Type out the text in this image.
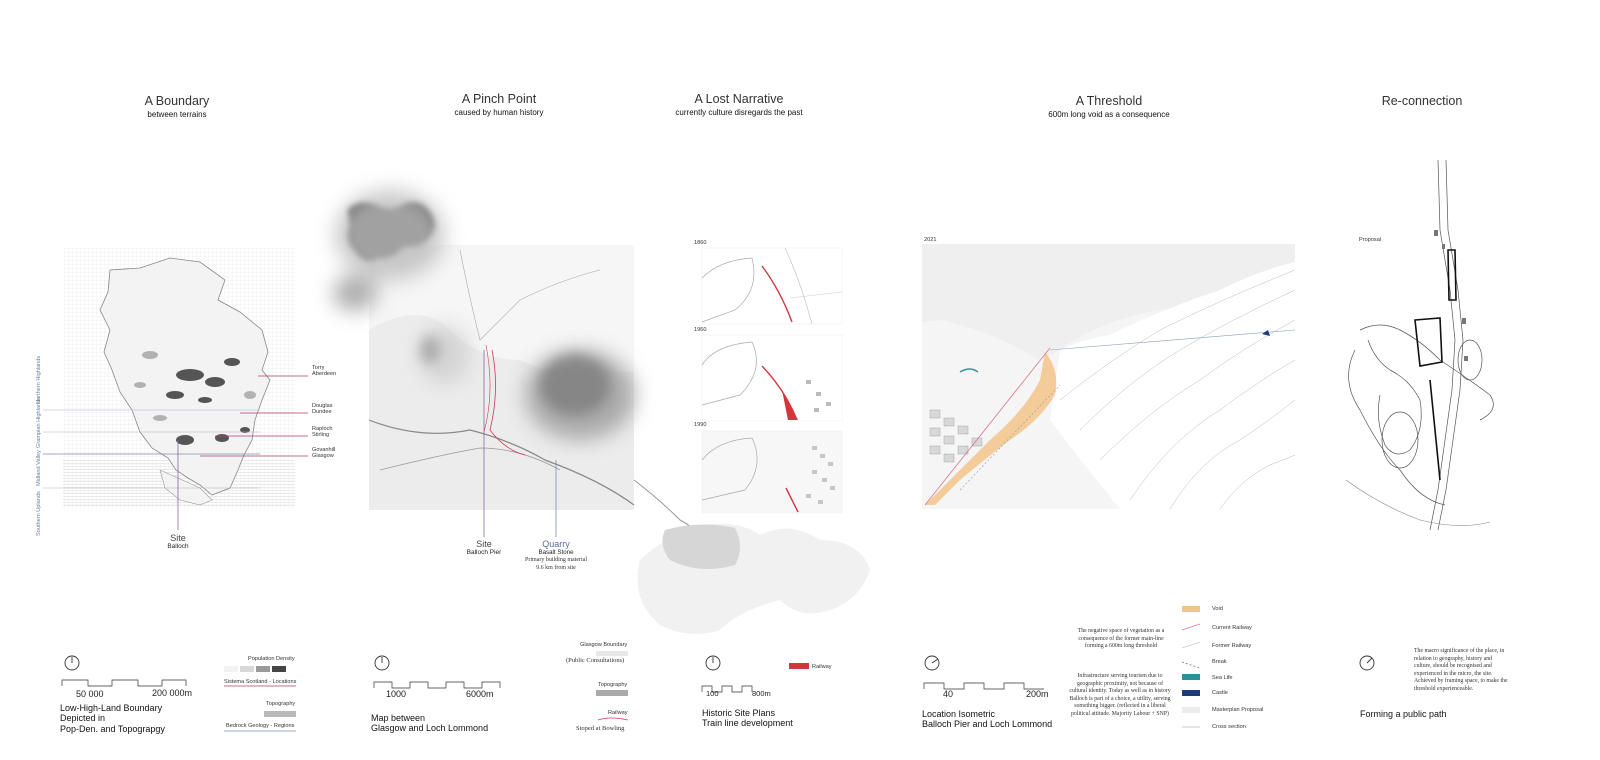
A Boundary
between terrains
A Pinch Point
caused by human history
A Lost Narrative
currently culture disregards the past
A Threshold
600m long void as a consequence
Re-connection
Southern Uplands
Midland Valley
Grampian Highlands
Northern Highlands	Torry
Aberdeen
Douglas
Dundee
Raploch
Stirling
Govanhill
Glasgow
Site
Balloch
50 000	200 000m
Low-High-Land Boundary
Depicted in
Pop-Den. and Topograpgy
Population Density
Sistema Scotland - Locations
Topography
Bedrock Geology - Regions
Site
Balloch Pier
Quarry
Basalt Stone
Primary building material
9.6 km from site
1000	6000m
Map between
Glasgow and Loch Lommond
Glasgow Boundary
(Public Consultations)
Topography
Railway
Stoped at Bowling
1860
1960
1990
Railway
100	800m
Historic Site Plans
Train line development
2021
The negative space of vegetation as a consequence of the former main-line forming a 600m long threshold
Infrastructure serving tourism due to geographic proximity, not because of cultural identity. Today as well as in history Balloch is part of a choice, a utility, serving something bigger. (reflected in a liberal political attitude. Majority Labour + SNP)
Void
Current Railway
Former Railway
Break
Sea Life
Castle
Masterplan Proposal
Cross section
40	200m
Location Isometric
Balloch Pier and Loch Lommond
Proposal
The macro significance of the place, in relation to geography, history and culture, should be recognised and experienced in the micro, the site. Achieved by framing space, to make the threshold experienceable.
Forming a public path
